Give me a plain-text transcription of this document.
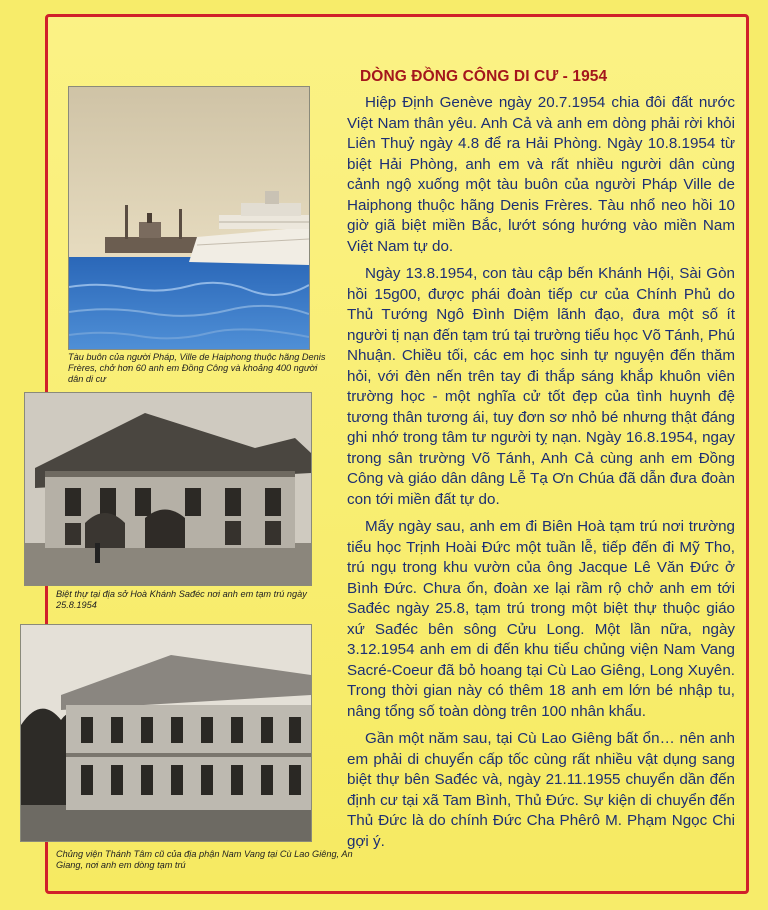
Tàu buôn của người Pháp, Ville de Haiphong thuộc hãng Denis Frères, chở hơn 60 anh em Đồng Công và khoảng 400 người dân di cư
Biệt thự tại địa sở Hoà Khánh Sađéc nơi anh em tạm trú ngày 25.8.1954
Chủng viện Thánh Tâm cũ của địa phận Nam Vang tại Cù Lao Giêng, An Giang, nơi anh em dòng tạm trú
DÒNG ĐỒNG CÔNG DI CƯ - 1954

Hiệp Định Genève ngày 20.7.1954 chia đôi đất nước Việt Nam thân yêu. Anh Cả và anh em dòng phải rời khỏi Liên Thuỷ ngày 4.8 để ra Hải Phòng. Ngày 10.8.1954 từ biệt Hải Phòng, anh em và rất nhiều người dân cùng cảnh ngộ xuống một tàu buôn của người Pháp Ville de Haiphong thuộc hãng Denis Frères. Tàu nhổ neo hồi 10 giờ giã biệt miền Bắc, lướt sóng hướng vào miền Nam Việt Nam tự do.

Ngày 13.8.1954, con tàu cập bến Khánh Hội, Sài Gòn hồi 15g00, được phái đoàn tiếp cư của Chính Phủ do Thủ Tướng Ngô Đình Diệm lãnh đạo, đưa một số ít người tị nạn đến tạm trú tại trường tiểu học Võ Tánh, Phú Nhuận. Chiều tối, các em học sinh tự nguyện đến thăm hỏi, với đèn nến trên tay đi thắp sáng khắp khuôn viên trường học - một nghĩa cử tốt đẹp của tình huynh đệ tương thân tương ái, tuy đơn sơ nhỏ bé nhưng thật đáng ghi nhớ trong tâm tư người tỵ nạn. Ngày 16.8.1954, ngay trong sân trường Võ Tánh, Anh Cả cùng anh em Đồng Công và giáo dân dâng Lễ Tạ Ơn Chúa đã dẫn đưa đoàn con tới miền đất tự do.

Mấy ngày sau, anh em đi Biên Hoà tạm trú nơi trường tiểu học Trịnh Hoài Đức một tuần lễ, tiếp đến đi Mỹ Tho, trú ngụ trong khu vườn của ông Jacque Lê Văn Đức ở Bình Đức. Chưa ổn, đoàn xe lại rầm rộ chở anh em tới Sađéc ngày 25.8, tạm trú trong một biệt thự thuộc giáo xứ Sađéc bên sông Cửu Long. Một lần nữa, ngày 3.12.1954 anh em di đến khu tiểu chủng viện Nam Vang Sacré-Coeur đã bỏ hoang tại Cù Lao Giêng, Long Xuyên. Trong thời gian này có thêm 18 anh em lớn bé nhập tu, nâng tổng số toàn dòng trên 100 nhân khẩu.

Gần một năm sau, tại Cù Lao Giêng bất ổn… nên anh em phải di chuyển cấp tốc cùng rất nhiều vật dụng sang biệt thự bên Sađéc và, ngày 21.11.1955 chuyển dần đến định cư tại xã Tam Bình, Thủ Đức. Sự kiện di chuyển đến Thủ Đức là do chính Đức Cha Phêrô M. Phạm Ngọc Chi gợi ý.
